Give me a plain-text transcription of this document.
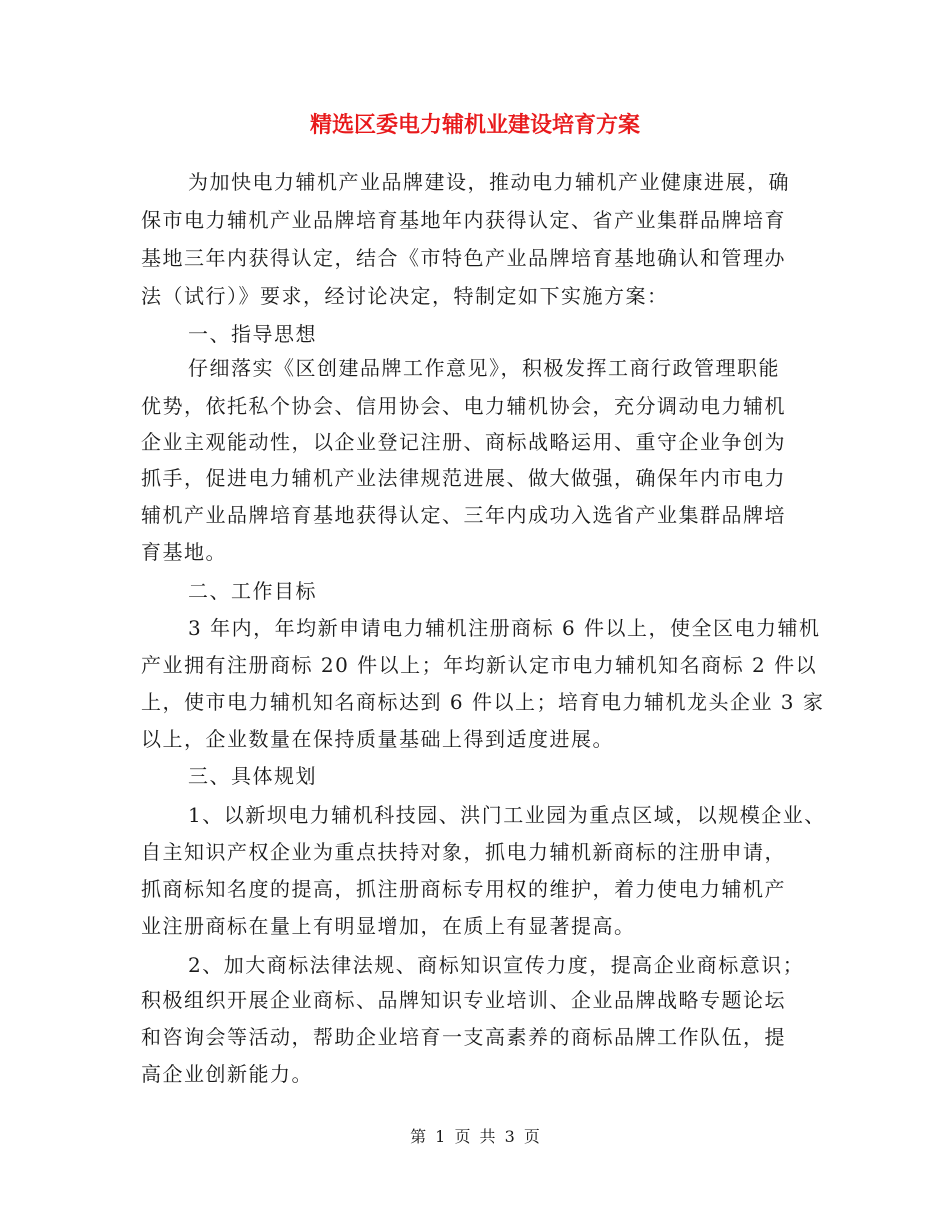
精选区委电力辅机业建设培育方案

为加快电力辅机产业品牌建设，推动电力辅机产业健康进展，确

保市电力辅机产业品牌培育基地年内获得认定、省产业集群品牌培育

基地三年内获得认定，结合《市特色产业品牌培育基地确认和管理办

法（试行）》要求，经讨论决定，特制定如下实施方案：

一、指导思想

仔细落实《区创建品牌工作意见》，积极发挥工商行政管理职能

优势，依托私个协会、信用协会、电力辅机协会，充分调动电力辅机

企业主观能动性，以企业登记注册、商标战略运用、重守企业争创为

抓手，促进电力辅机产业法律规范进展、做大做强，确保年内市电力

辅机产业品牌培育基地获得认定、三年内成功入选省产业集群品牌培

育基地。

二、工作目标

3 年内，年均新申请电力辅机注册商标 6 件以上，使全区电力辅机

产业拥有注册商标 20 件以上；年均新认定市电力辅机知名商标 2 件以

上，使市电力辅机知名商标达到 6 件以上；培育电力辅机龙头企业 3 家

以上，企业数量在保持质量基础上得到适度进展。

三、具体规划

1、以新坝电力辅机科技园、洪门工业园为重点区域，以规模企业、

自主知识产权企业为重点扶持对象，抓电力辅机新商标的注册申请，

抓商标知名度的提高，抓注册商标专用权的维护，着力使电力辅机产

业注册商标在量上有明显增加，在质上有显著提高。

2、加大商标法律法规、商标知识宣传力度，提高企业商标意识；

积极组织开展企业商标、品牌知识专业培训、企业品牌战略专题论坛

和咨询会等活动，帮助企业培育一支高素养的商标品牌工作队伍，提

高企业创新能力。

第 1 页 共 3 页
